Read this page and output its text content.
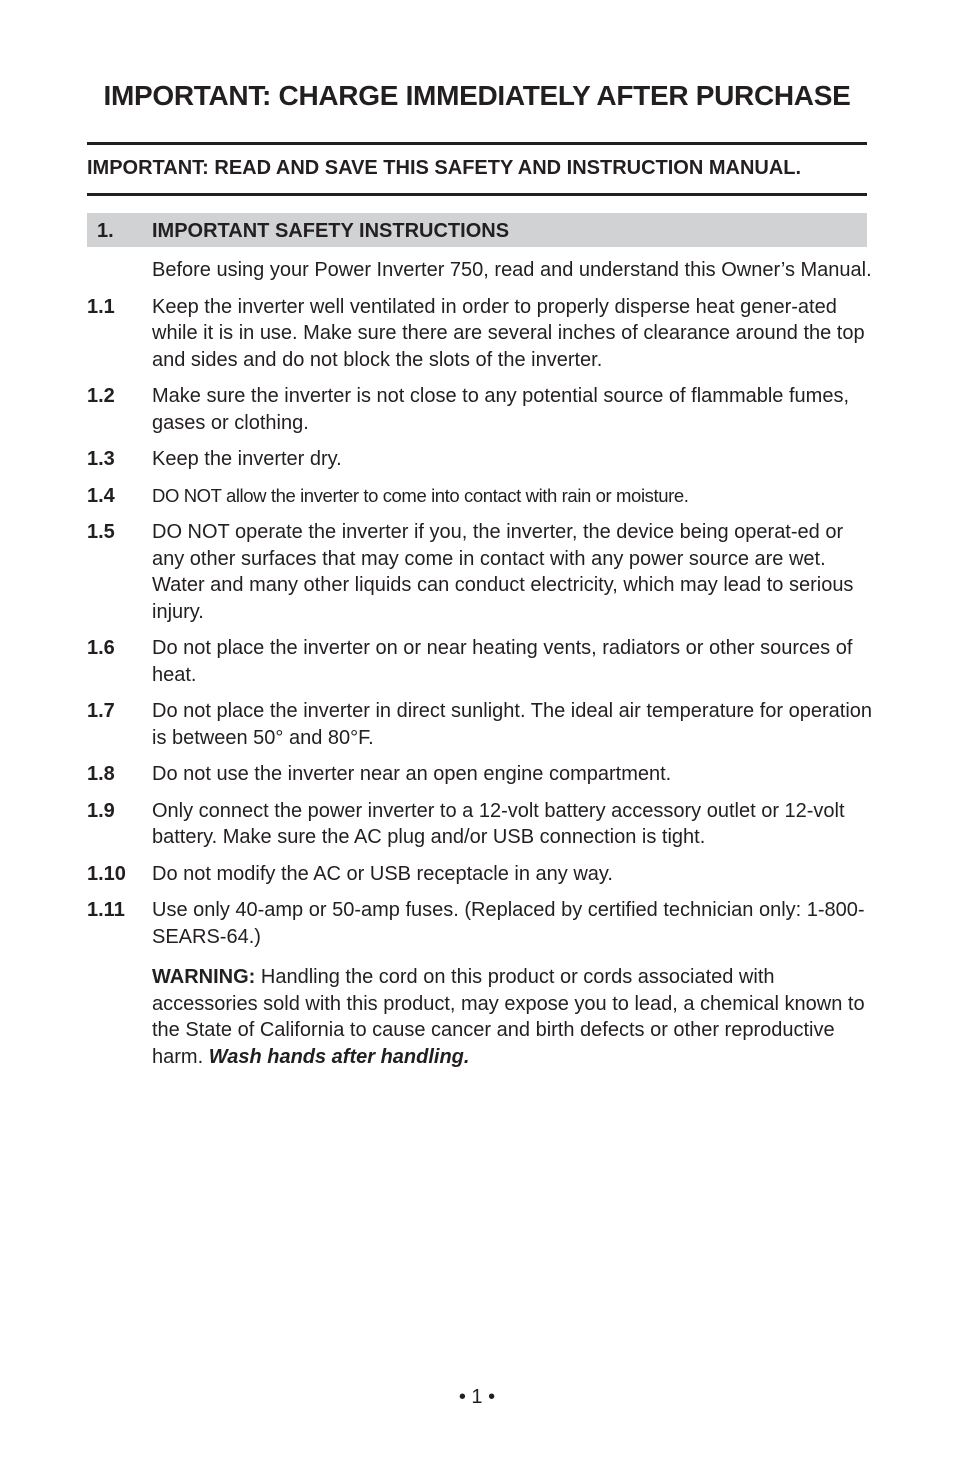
IMPORTANT: CHARGE IMMEDIATELY AFTER PURCHASE
IMPORTANT: READ AND SAVE THIS SAFETY AND INSTRUCTION MANUAL.
1. IMPORTANT SAFETY INSTRUCTIONS

Before using your Power Inverter 750, read and understand this Owner’s Manual.

1.1 Keep the inverter well ventilated in order to properly disperse heat gener-ated while it is in use. Make sure there are several inches of clearance around the top and sides and do not block the slots of the inverter.

1.2 Make sure the inverter is not close to any potential source of flammable fumes, gases or clothing.

1.3 Keep the inverter dry.

1.4 DO NOT allow the inverter to come into contact with rain or moisture.

1.5 DO NOT operate the inverter if you, the inverter, the device being operat-ed or any other surfaces that may come in contact with any power source are wet. Water and many other liquids can conduct electricity, which may lead to serious injury.

1.6 Do not place the inverter on or near heating vents, radiators or other sources of heat.

1.7 Do not place the inverter in direct sunlight. The ideal air temperature for operation is between 50° and 80°F.

1.8 Do not use the inverter near an open engine compartment.

1.9 Only connect the power inverter to a 12-volt battery accessory outlet or 12-volt battery. Make sure the AC plug and/or USB connection is tight.

1.10 Do not modify the AC or USB receptacle in any way.

1.11 Use only 40-amp or 50-amp fuses. (Replaced by certified technician only: 1-800-SEARS-64.)

WARNING: Handling the cord on this product or cords associated with accessories sold with this product, may expose you to lead, a chemical known to the State of California to cause cancer and birth defects or other reproductive harm. Wash hands after handling.

• 1 •
